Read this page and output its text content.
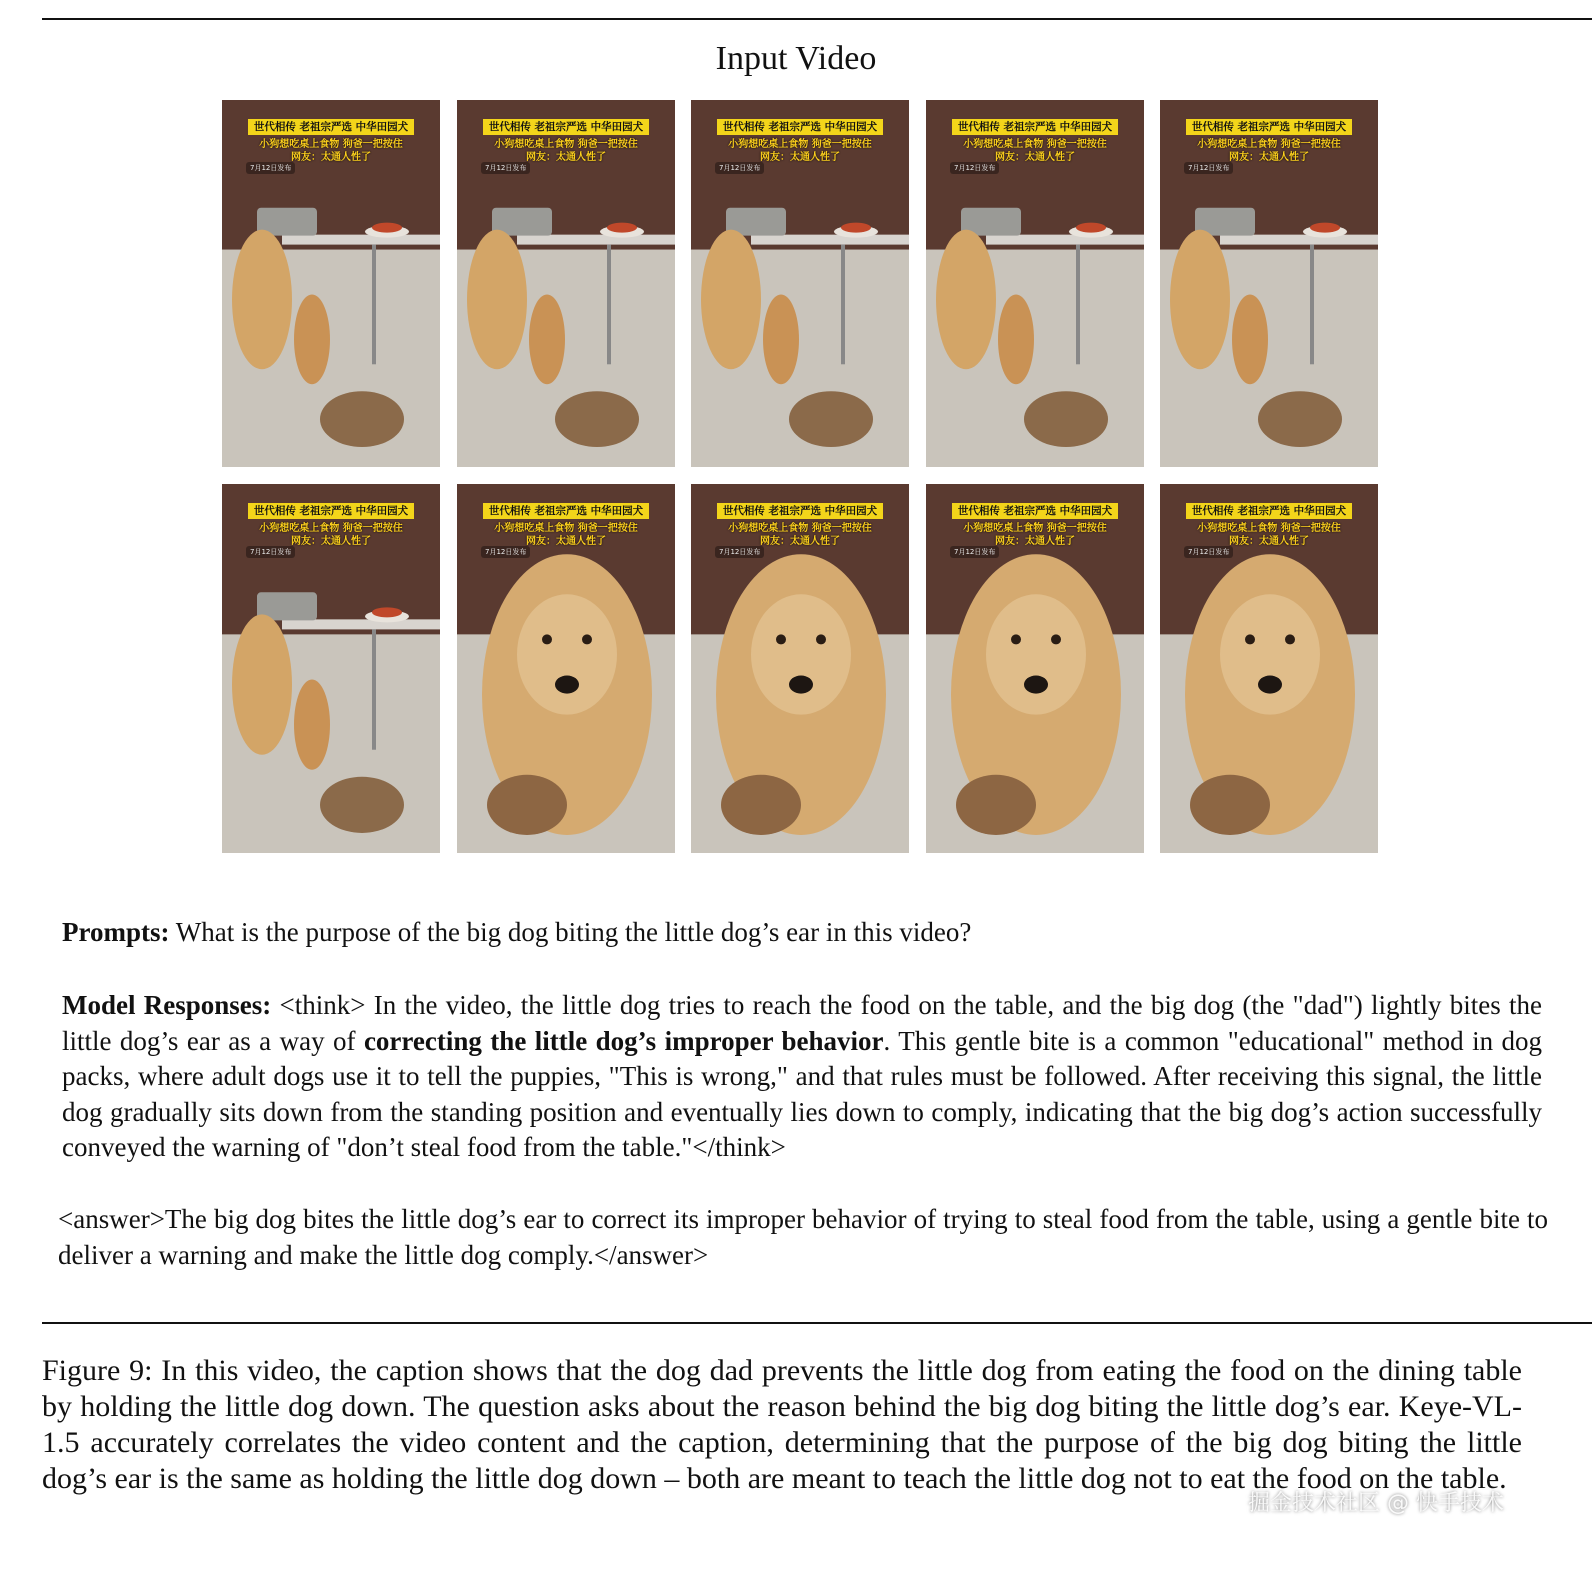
Input Video
世代相传 老祖宗严选 中华田园犬
小狗想吃桌上食物 狗爸一把按住
网友：太通人性了
7月12日发布
世代相传 老祖宗严选 中华田园犬
小狗想吃桌上食物 狗爸一把按住
网友：太通人性了
7月12日发布
世代相传 老祖宗严选 中华田园犬
小狗想吃桌上食物 狗爸一把按住
网友：太通人性了
7月12日发布
世代相传 老祖宗严选 中华田园犬
小狗想吃桌上食物 狗爸一把按住
网友：太通人性了
7月12日发布
世代相传 老祖宗严选 中华田园犬
小狗想吃桌上食物 狗爸一把按住
网友：太通人性了
7月12日发布
世代相传 老祖宗严选 中华田园犬
小狗想吃桌上食物 狗爸一把按住
网友：太通人性了
7月12日发布
世代相传 老祖宗严选 中华田园犬
小狗想吃桌上食物 狗爸一把按住
网友：太通人性了
7月12日发布
世代相传 老祖宗严选 中华田园犬
小狗想吃桌上食物 狗爸一把按住
网友：太通人性了
7月12日发布
世代相传 老祖宗严选 中华田园犬
小狗想吃桌上食物 狗爸一把按住
网友：太通人性了
7月12日发布
世代相传 老祖宗严选 中华田园犬
小狗想吃桌上食物 狗爸一把按住
网友：太通人性了
7月12日发布
Prompts: What is the purpose of the big dog biting the little dog’s ear in this video?
Model Responses: <think> In the video, the little dog tries to reach the food on the table, and the big dog (the "dad") lightly bites the little dog’s ear as a way of correcting the little dog’s improper behavior. This gentle bite is a common "educational" method in dog packs, where adult dogs use it to tell the puppies, "This is wrong," and that rules must be followed. After receiving this signal, the little dog gradually sits down from the standing position and eventually lies down to comply, indicating that the big dog’s action successfully conveyed the warning of "don’t steal food from the table."</think>
<answer>The big dog bites the little dog’s ear to correct its improper behavior of trying to steal food from the table, using a gentle bite to deliver a warning and make the little dog comply.</answer>
Figure 9: In this video, the caption shows that the dog dad prevents the little dog from eating the food on the dining table by holding the little dog down. The question asks about the reason behind the big dog biting the little dog’s ear. Keye-VL-1.5 accurately correlates the video content and the caption, determining that the purpose of the big dog biting the little dog’s ear is the same as holding the little dog down – both are meant to teach the little dog not to eat the food on the table.
掘金技术社区 @ 快手技术
